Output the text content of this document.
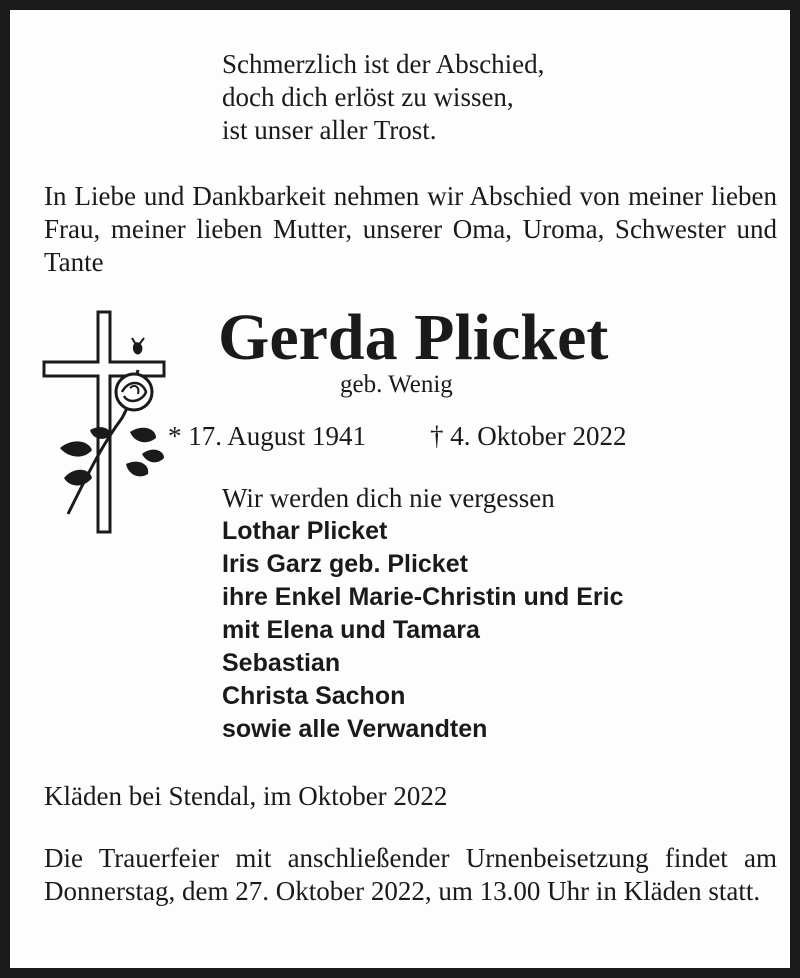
Schmerzlich ist der Abschied,
doch dich erlöst zu wissen,
ist unser aller Trost.
In Liebe und Dankbarkeit nehmen wir Abschied von meiner lieben Frau, meiner lieben Mutter, unserer Oma, Uroma, Schwester und Tante
Gerda Plicket
geb. Wenig
* 17. August 1941 † 4. Oktober 2022
Wir werden dich nie vergessen
Lothar Plicket
Iris Garz geb. Plicket
ihre Enkel Marie-Christin und Eric
mit Elena und Tamara
Sebastian
Christa Sachon
sowie alle Verwandten
Kläden bei Stendal, im Oktober 2022
Die Trauerfeier mit anschließender Urnenbeisetzung findet am Donnerstag, dem 27. Oktober 2022, um 13.00 Uhr in Kläden statt.
